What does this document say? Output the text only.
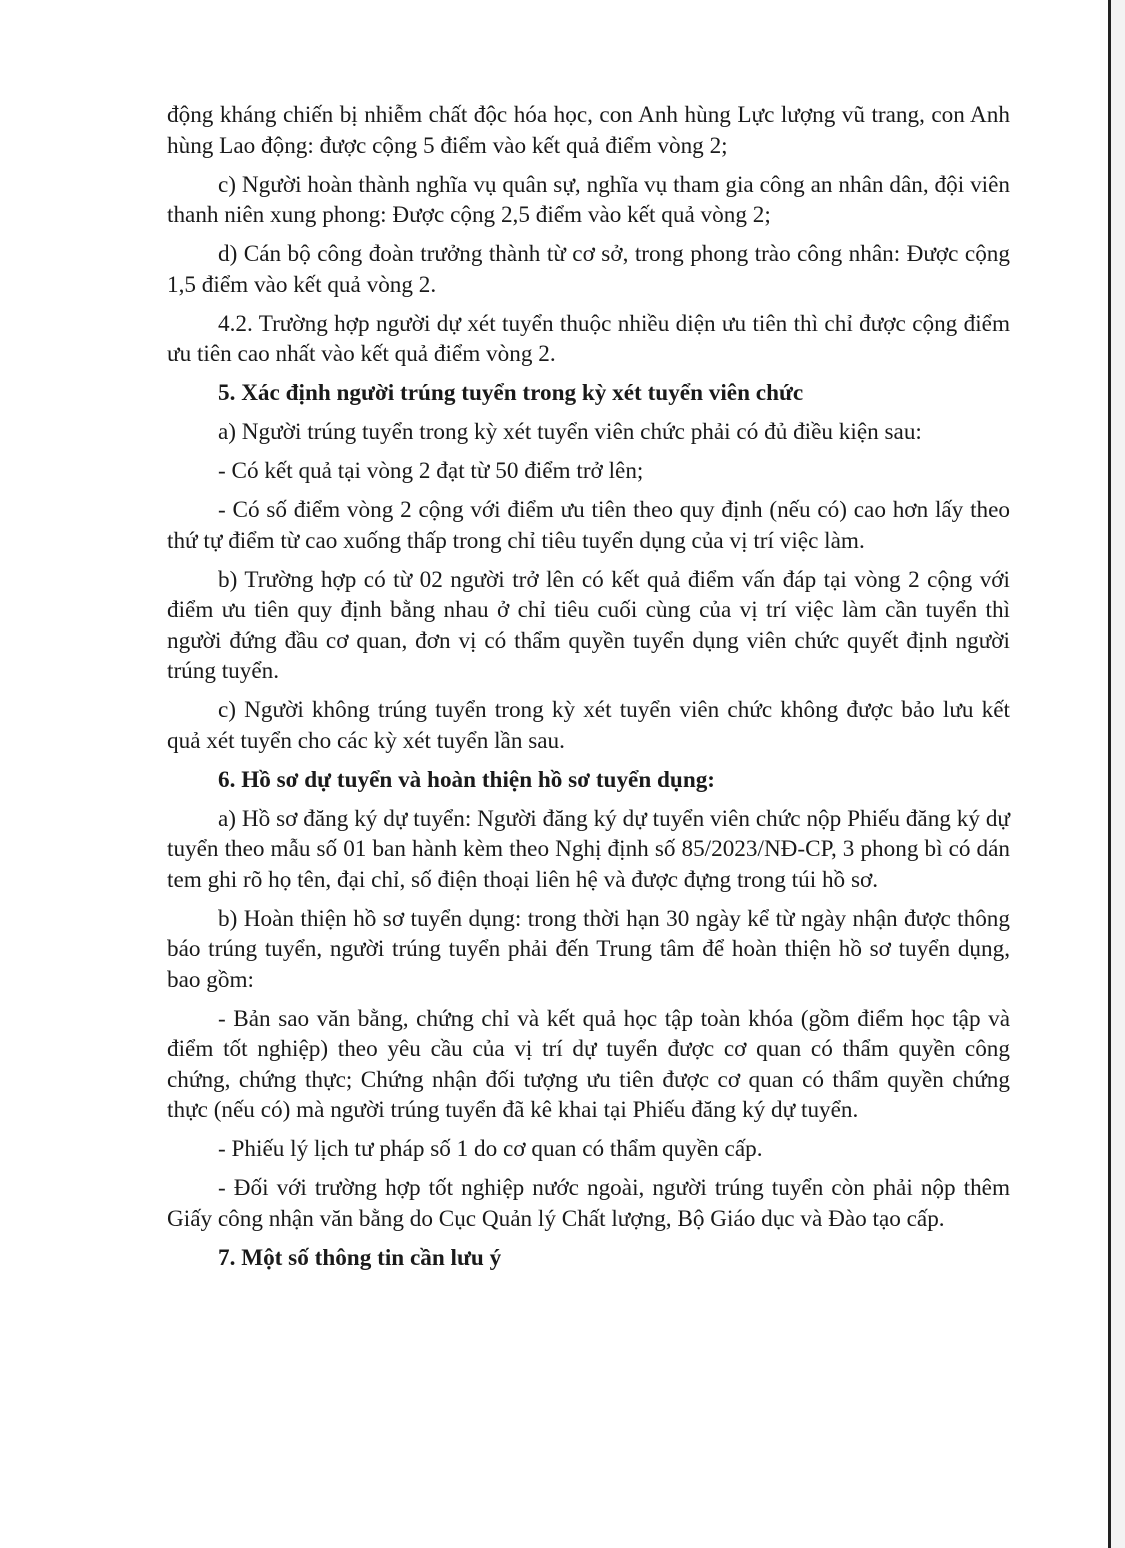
động kháng chiến bị nhiễm chất độc hóa học, con Anh hùng Lực lượng vũ trang, con Anh hùng Lao động: được cộng 5 điểm vào kết quả điểm vòng 2;

c) Người hoàn thành nghĩa vụ quân sự, nghĩa vụ tham gia công an nhân dân, đội viên thanh niên xung phong: Được cộng 2,5 điểm vào kết quả vòng 2;

d) Cán bộ công đoàn trưởng thành từ cơ sở, trong phong trào công nhân: Được cộng 1,5 điểm vào kết quả vòng 2.

4.2. Trường hợp người dự xét tuyển thuộc nhiều diện ưu tiên thì chỉ được cộng điểm ưu tiên cao nhất vào kết quả điểm vòng 2.

5. Xác định người trúng tuyển trong kỳ xét tuyển viên chức

a) Người trúng tuyển trong kỳ xét tuyển viên chức phải có đủ điều kiện sau:

- Có kết quả tại vòng 2 đạt từ 50 điểm trở lên;

- Có số điểm vòng 2 cộng với điểm ưu tiên theo quy định (nếu có) cao hơn lấy theo thứ tự điểm từ cao xuống thấp trong chỉ tiêu tuyển dụng của vị trí việc làm.

b) Trường hợp có từ 02 người trở lên có kết quả điểm vấn đáp tại vòng 2 cộng với điểm ưu tiên quy định bằng nhau ở chỉ tiêu cuối cùng của vị trí việc làm cần tuyển thì người đứng đầu cơ quan, đơn vị có thẩm quyền tuyển dụng viên chức quyết định người trúng tuyển.

c) Người không trúng tuyển trong kỳ xét tuyển viên chức không được bảo lưu kết quả xét tuyển cho các kỳ xét tuyển lần sau.

6. Hồ sơ dự tuyển và hoàn thiện hồ sơ tuyển dụng:

a) Hồ sơ đăng ký dự tuyển: Người đăng ký dự tuyển viên chức nộp Phiếu đăng ký dự tuyển theo mẫu số 01 ban hành kèm theo Nghị định số 85/2023/NĐ-CP, 3 phong bì có dán tem ghi rõ họ tên, đại chỉ, số điện thoại liên hệ và được đựng trong túi hồ sơ.

b) Hoàn thiện hồ sơ tuyển dụng: trong thời hạn 30 ngày kể từ ngày nhận được thông báo trúng tuyển, người trúng tuyển phải đến Trung tâm để hoàn thiện hồ sơ tuyển dụng, bao gồm:

- Bản sao văn bằng, chứng chỉ và kết quả học tập toàn khóa (gồm điểm học tập và điểm tốt nghiệp) theo yêu cầu của vị trí dự tuyển được cơ quan có thẩm quyền công chứng, chứng thực; Chứng nhận đối tượng ưu tiên được cơ quan có thẩm quyền chứng thực (nếu có) mà người trúng tuyển đã kê khai tại Phiếu đăng ký dự tuyển.

- Phiếu lý lịch tư pháp số 1 do cơ quan có thẩm quyền cấp.

- Đối với trường hợp tốt nghiệp nước ngoài, người trúng tuyển còn phải nộp thêm Giấy công nhận văn bằng do Cục Quản lý Chất lượng, Bộ Giáo dục và Đào tạo cấp.

7. Một số thông tin cần lưu ý
